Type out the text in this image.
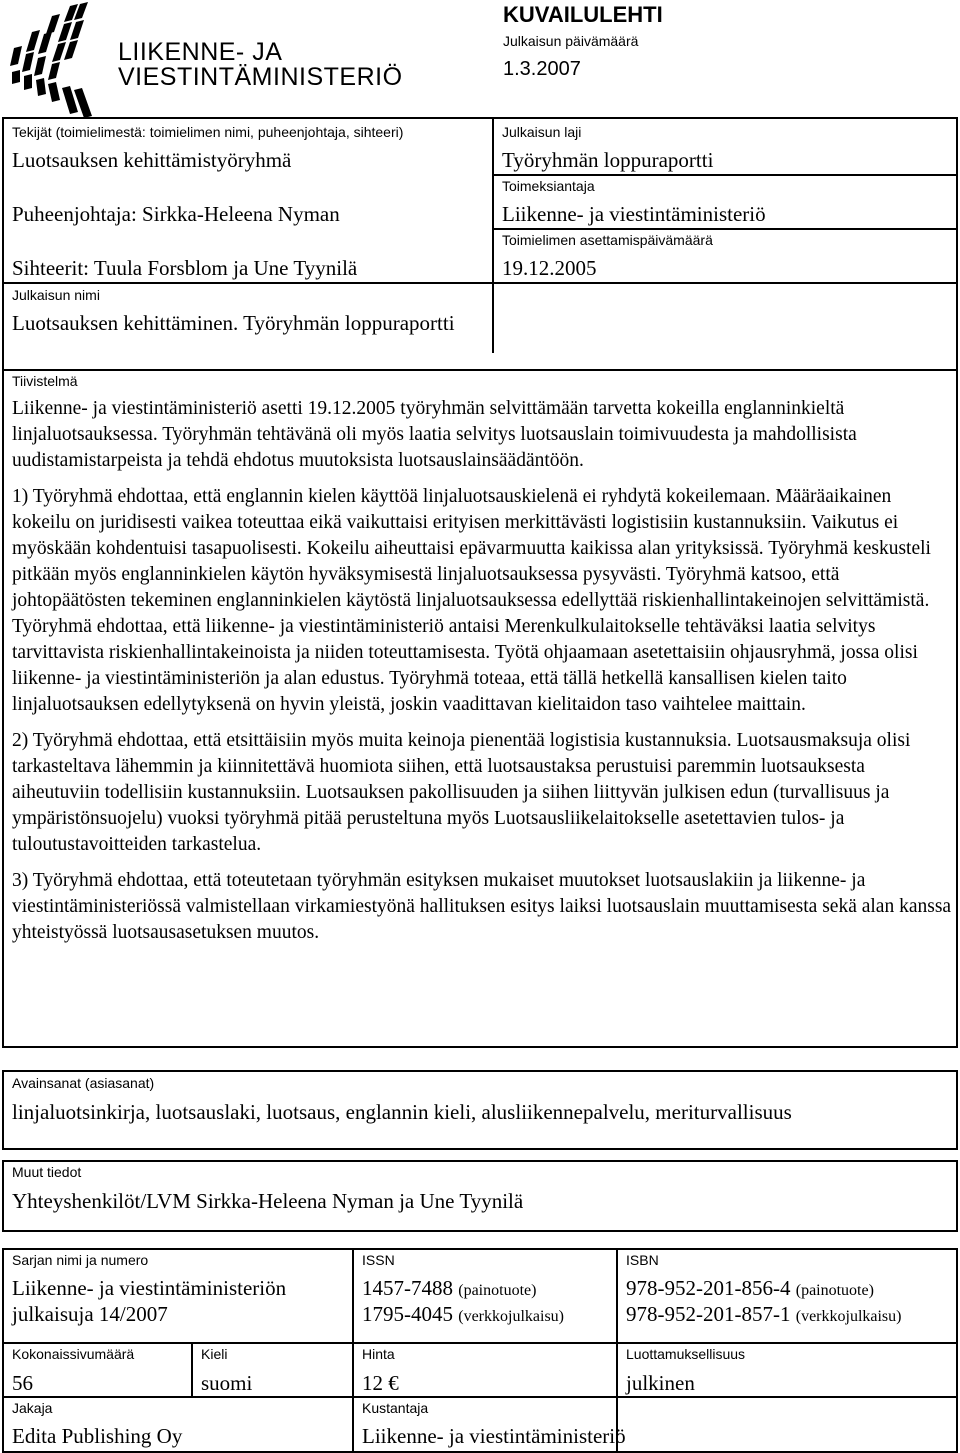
LIIKENNE- JA
VIESTINTÄMINISTERIÖ
KUVAILULEHTI
Julkaisun päivämäärä
1.3.2007
Tekijät (toimielimestä: toimielimen nimi, puheenjohtaja, sihteeri)
Luotsauksen kehittämistyöryhmä
Puheenjohtaja: Sirkka-Heleena Nyman
Sihteerit: Tuula Forsblom ja Une Tyynilä
Julkaisun nimi
Luotsauksen kehittäminen. Työryhmän loppuraportti
Julkaisun laji
Työryhmän loppuraportti
Toimeksiantaja
Liikenne- ja viestintäministeriö
Toimielimen asettamispäivämäärä
19.12.2005
Tiivistelmä

Liikenne- ja viestintäministeriö asetti 19.12.2005 työryhmän selvittämään tarvetta kokeilla englanninkieltä linjaluotsauksessa. Työryhmän tehtävänä oli myös laatia selvitys luotsauslain toimivuudesta ja mahdollisista uudistamistarpeista ja tehdä ehdotus muutoksista luotsauslainsäädäntöön.

1) Työryhmä ehdottaa, että englannin kielen käyttöä linjaluotsauskielenä ei ryhdytä kokeilemaan. Määräaikainen kokeilu on juridisesti vaikea toteuttaa eikä vaikuttaisi erityisen merkittävästi logistisiin kustannuksiin. Vaikutus ei myöskään kohdentuisi tasapuolisesti. Kokeilu aiheuttaisi epävarmuutta kaikissa alan yrityksissä. Työryhmä keskusteli pitkään myös englanninkielen käytön hyväksymisestä linjaluotsauksessa pysyvästi. Työryhmä katsoo, että johtopäätösten tekeminen englanninkielen käytöstä linjaluotsauksessa edellyttää riskienhallintakeinojen selvittämistä. Työryhmä ehdottaa, että liikenne- ja viestintäministeriö antaisi Merenkulkulaitokselle tehtäväksi laatia selvitys tarvittavista riskienhallintakeinoista ja niiden toteuttamisesta. Työtä ohjaamaan asetettaisiin ohjausryhmä, jossa olisi liikenne- ja viestintäministeriön ja alan edustus. Työryhmä toteaa, että tällä hetkellä kansallisen kielen taito linjaluotsauksen edellytyksenä on hyvin yleistä, joskin vaadittavan kielitaidon taso vaihtelee maittain.

2) Työryhmä ehdottaa, että etsittäisiin myös muita keinoja pienentää logistisia kustannuksia. Luotsausmaksuja olisi tarkasteltava lähemmin ja kiinnitettävä huomiota siihen, että luotsaustaksa perustuisi paremmin luotsauksesta aiheutuviin todellisiin kustannuksiin. Luotsauksen pakollisuuden ja siihen liittyvän julkisen edun (turvallisuus ja ympäristönsuojelu) vuoksi työryhmä pitää perusteltuna myös Luotsausliikelaitokselle asetettavien tulos- ja tuloutustavoitteiden tarkastelua.

3) Työryhmä ehdottaa, että toteutetaan työryhmän esityksen mukaiset muutokset luotsauslakiin ja liikenne- ja viestintäministeriössä valmistellaan virkamiestyönä hallituksen esitys laiksi luotsauslain muuttamisesta sekä alan kanssa yhteistyössä luotsausasetuksen muutos.

Avainsanat (asiasanat)
linjaluotsinkirja, luotsauslaki, luotsaus, englannin kieli, alusliikennepalvelu, meriturvallisuus
Muut tiedot
Yhteyshenkilöt/LVM Sirkka-Heleena Nyman ja Une Tyynilä
Sarjan nimi ja numero
Liikenne- ja viestintäministeriön
julkaisuja 14/2007
ISSN
1457-7488 (painotuote)
1795-4045 (verkkojulkaisu)
ISBN
978-952-201-856-4 (painotuote)
978-952-201-857-1 (verkkojulkaisu)
Kokonaissivumäärä
56
Kieli
suomi
Hinta
12 €
Luottamuksellisuus
julkinen
Jakaja
Edita Publishing Oy
Kustantaja
Liikenne- ja viestintäministeriö
